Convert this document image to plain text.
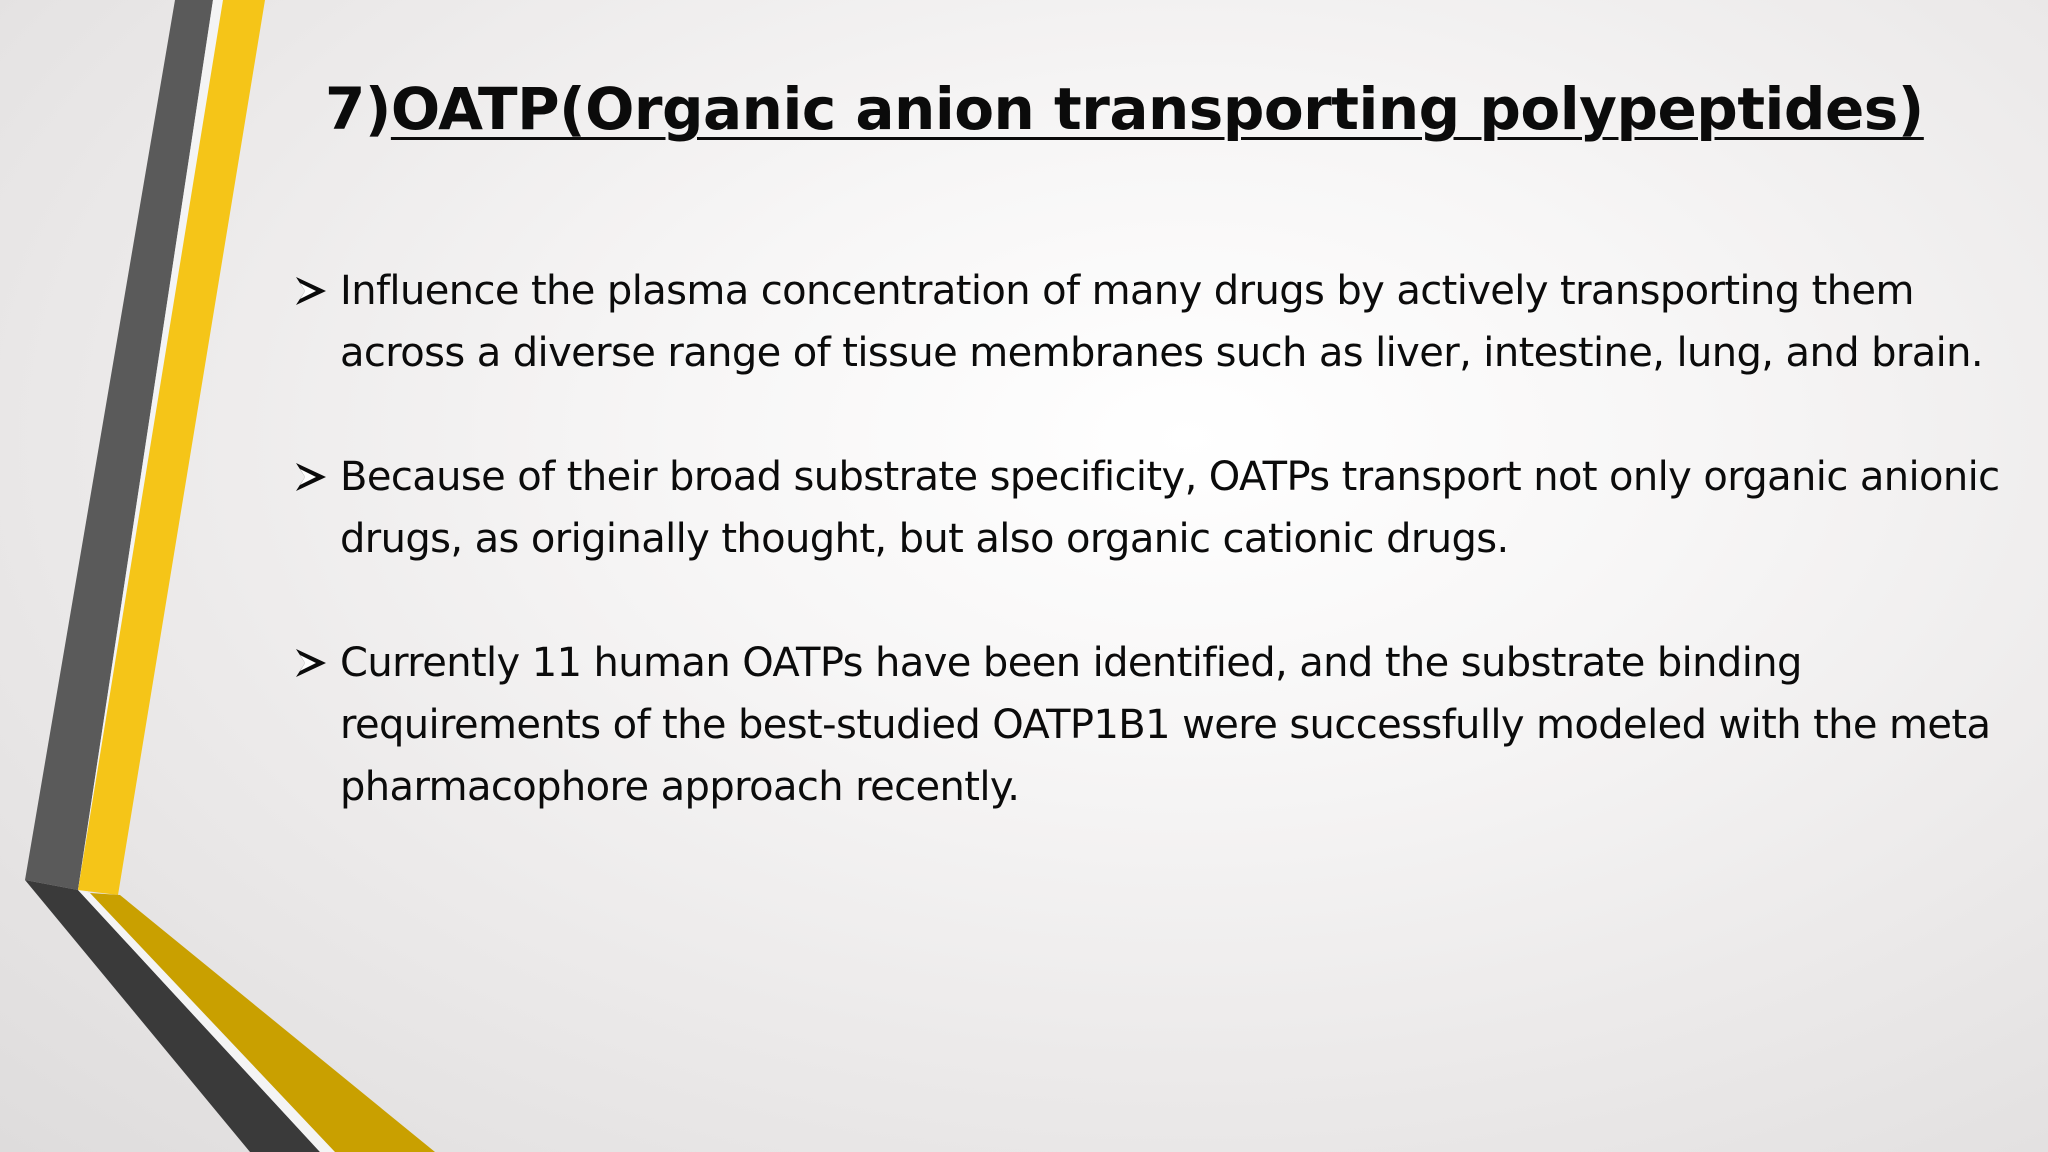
7)OATP(Organic anion transporting polypeptides)
Influence the plasma concentration of many drugs by actively transporting them across a diverse range of tissue membranes such as liver, intestine, lung, and brain.
Because of their broad substrate specificity, OATPs transport not only organic anionic drugs, as originally thought, but also organic cationic drugs.
Currently 11 human OATPs have been identified, and the substrate binding requirements of the best-studied OATP1B1 were successfully modeled with the meta pharmacophore approach recently.
